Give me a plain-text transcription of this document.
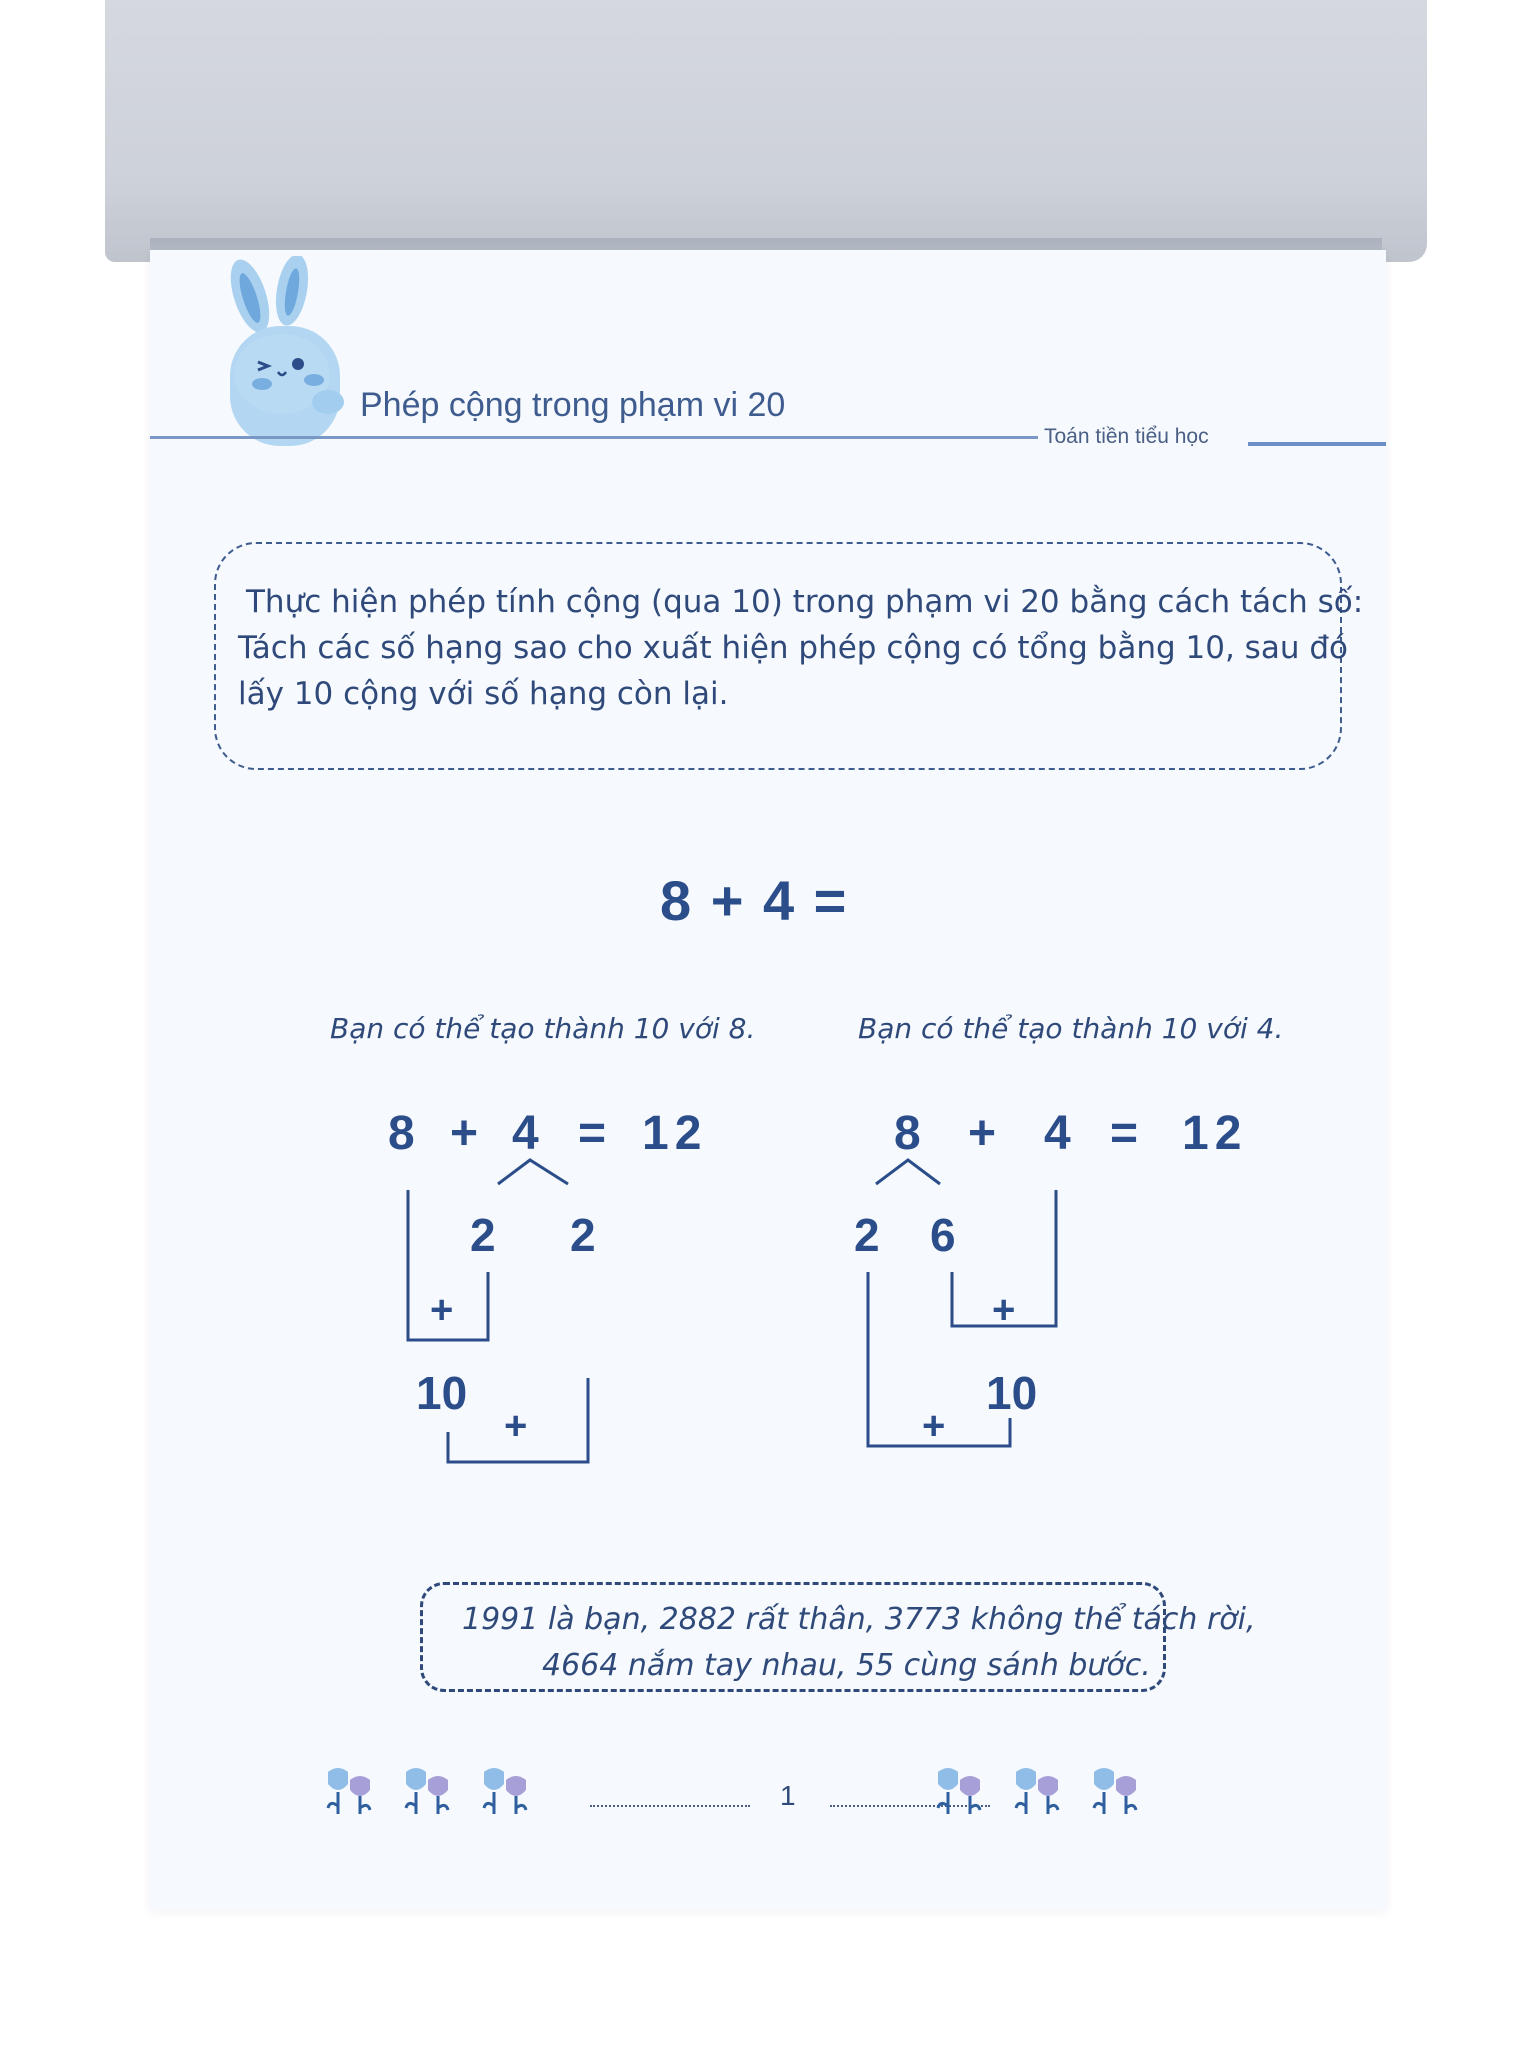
Phép cộng trong phạm vi 20
Toán tiền tiểu học
Thực hiện phép tính cộng (qua 10) trong phạm vi 20 bằng cách tách số:
Tách các số hạng sao cho xuất hiện phép cộng có tổng bằng 10, sau đó
lấy 10 cộng với số hạng còn lại.
8 + 4 =
Bạn có thể tạo thành 10 với 8.	Bạn có thể tạo thành 10 với 4.
8 + 4 = 12
2 2
+
10
+
8 + 4 = 12
2 6
+
10
+
1991 là bạn, 2882 rất thân, 3773 không thể tách rời,
4664 nắm tay nhau, 55 cùng sánh bước.
1
